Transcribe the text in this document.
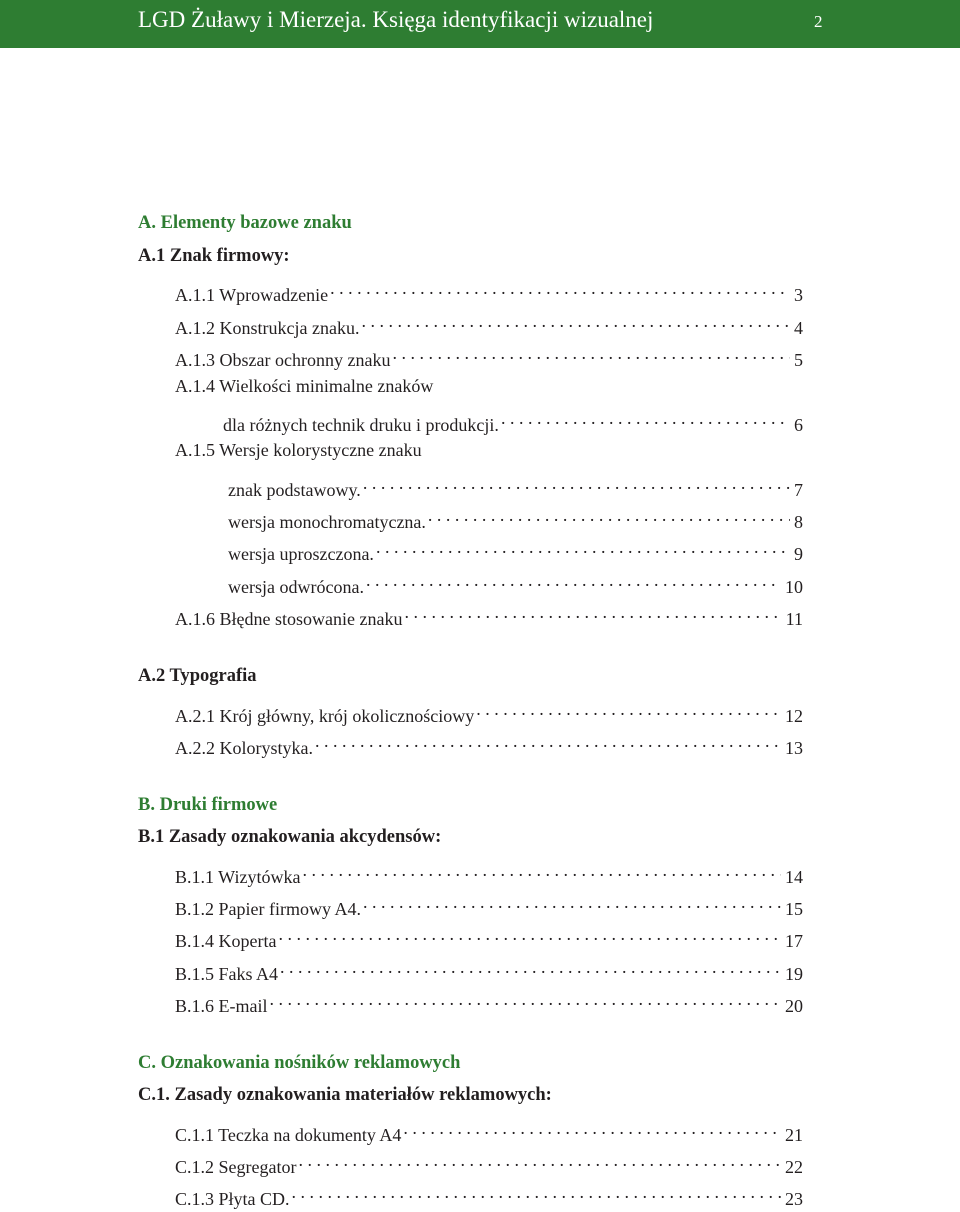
LGD Żuławy i Mierzeja. Księga identyfikacji wizualnej	2
A. Elementy bazowe znaku
A.1 Znak firmowy:
A.1.1 Wprowadzenie . . .	3
A.1.2 Konstrukcja znaku. . . .	4
A.1.3 Obszar ochronny znaku . . .	5
A.1.4 Wielkości minimalne znaków
dla różnych technik druku i produkcji. . . .	6
A.1.5 Wersje kolorystyczne znaku
znak podstawowy. . . .	7
wersja monochromatyczna. . . .	8
wersja uproszczona. . . .	9
wersja odwrócona. . . .	10
A.1.6 Błędne stosowanie znaku . . .	11
A.2 Typografia
A.2.1 Krój główny, krój okolicznościowy . . .	12
A.2.2 Kolorystyka. . . .	13
B. Druki firmowe
B.1 Zasady oznakowania akcydensów:
B.1.1 Wizytówka . . .	14
B.1.2 Papier firmowy A4. . . .	15
B.1.4 Koperta . . .	17
B.1.5 Faks A4 . . .	19
B.1.6 E-mail . . .	20
C. Oznakowania nośników reklamowych
C.1. Zasady oznakowania materiałów reklamowych:
C.1.1 Teczka na dokumenty A4 . . .	21
C.1.2 Segregator . . .	22
C.1.3 Płyta CD. . . .	23
